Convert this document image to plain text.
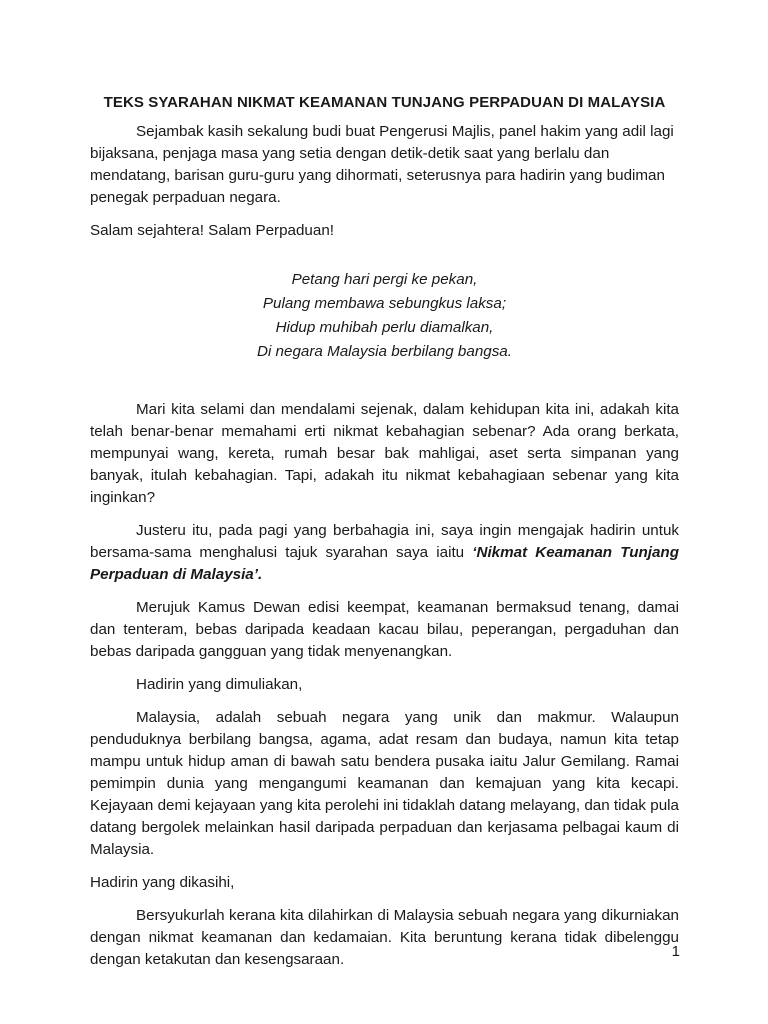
TEKS SYARAHAN NIKMAT KEAMANAN TUNJANG PERPADUAN DI MALAYSIA

Sejambak kasih sekalung budi buat Pengerusi Majlis, panel hakim yang adil lagi bijaksana, penjaga masa yang setia dengan detik-detik saat yang berlalu dan mendatang, barisan guru-guru yang dihormati, seterusnya para hadirin yang budiman penegak perpaduan negara.

Salam sejahtera! Salam Perpaduan!

Petang hari pergi ke pekan,
Pulang membawa sebungkus laksa;
Hidup muhibah perlu diamalkan,
Di negara Malaysia berbilang bangsa.

Mari kita selami dan mendalami sejenak, dalam kehidupan kita ini, adakah kita telah benar-benar memahami erti nikmat kebahagian sebenar? Ada orang berkata, mempunyai wang, kereta, rumah besar bak mahligai, aset serta simpanan yang banyak, itulah kebahagian. Tapi, adakah itu nikmat kebahagiaan sebenar yang kita inginkan?

Justeru itu, pada pagi yang berbahagia ini, saya ingin mengajak hadirin untuk bersama-sama menghalusi tajuk syarahan saya iaitu ‘Nikmat Keamanan Tunjang Perpaduan di Malaysia’.

Merujuk Kamus Dewan edisi keempat, keamanan bermaksud tenang, damai dan tenteram, bebas daripada keadaan kacau bilau, peperangan, pergaduhan dan bebas daripada gangguan yang tidak menyenangkan.

Hadirin yang dimuliakan,

Malaysia, adalah sebuah negara yang unik dan makmur. Walaupun penduduknya berbilang bangsa, agama, adat resam dan budaya, namun kita tetap mampu untuk hidup aman di bawah satu bendera pusaka iaitu Jalur Gemilang. Ramai pemimpin dunia yang mengangumi keamanan dan kemajuan yang kita kecapi. Kejayaan demi kejayaan yang kita perolehi ini tidaklah datang melayang, dan tidak pula datang bergolek melainkan hasil daripada perpaduan dan kerjasama pelbagai kaum di Malaysia.

Hadirin yang dikasihi,

Bersyukurlah kerana kita dilahirkan di Malaysia sebuah negara yang dikurniakan dengan nikmat keamanan dan kedamaian. Kita beruntung kerana tidak dibelenggu dengan ketakutan dan kesengsaraan.	1
